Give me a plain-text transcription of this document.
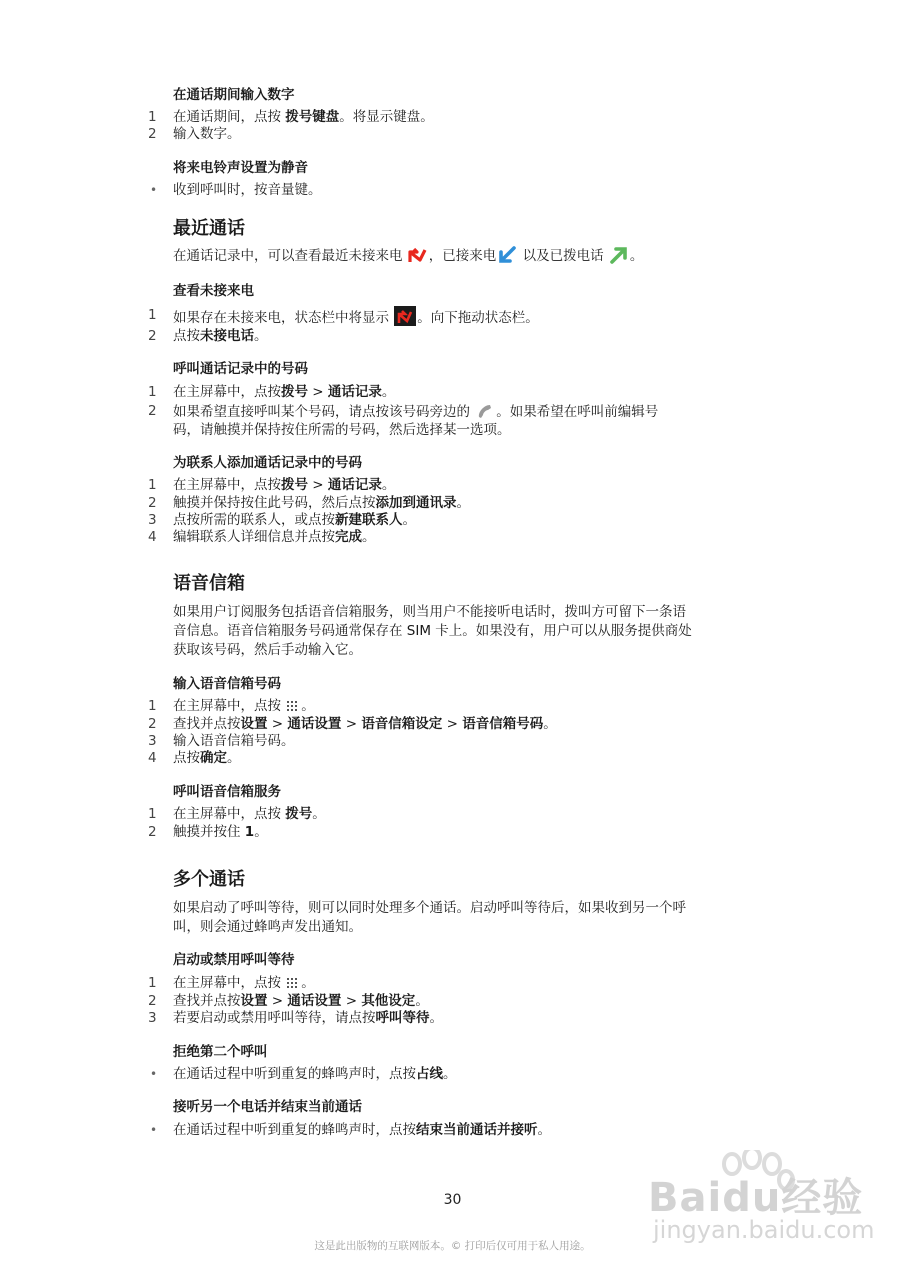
在通话期间输入数字
1 在通话期间，点按 拨号键盘。将显示键盘。
2 输入数字。
将来电铃声设置为静音
• 收到呼叫时，按音量键。
最近通话
在通话记录中，可以查看最近未接来电 ，已接来电 以及已拨电话 。
查看未接来电
1 如果存在未接来电，状态栏中将显示 。向下拖动状态栏。
2 点按未接电话。
呼叫通话记录中的号码
1 在主屏幕中，点按拨号 > 通话记录。
2 如果希望直接呼叫某个号码，请点按该号码旁边的 。如果希望在呼叫前编辑号
码，请触摸并保持按住所需的号码，然后选择某一选项。
为联系人添加通话记录中的号码
1 在主屏幕中，点按拨号 > 通话记录。
2 触摸并保持按住此号码，然后点按添加到通讯录。
3 点按所需的联系人，或点按新建联系人。
4 编辑联系人详细信息并点按完成。
语音信箱
如果用户订阅服务包括语音信箱服务，则当用户不能接听电话时，拨叫方可留下一条语
音信息。语音信箱服务号码通常保存在 SIM 卡上。如果没有，用户可以从服务提供商处
获取该号码，然后手动输入它。
输入语音信箱号码
1 在主屏幕中，点按 。
2 查找并点按设置 > 通话设置 > 语音信箱设定 > 语音信箱号码。
3 输入语音信箱号码。
4 点按确定。
呼叫语音信箱服务
1 在主屏幕中，点按 拨号。
2 触摸并按住 1。
多个通话
如果启动了呼叫等待，则可以同时处理多个通话。启动呼叫等待后，如果收到另一个呼
叫，则会通过蜂鸣声发出通知。
启动或禁用呼叫等待
1 在主屏幕中，点按 。
2 查找并点按设置 > 通话设置 > 其他设定。
3 若要启动或禁用呼叫等待，请点按呼叫等待。
拒绝第二个呼叫
• 在通话过程中听到重复的蜂鸣声时，点按占线。
接听另一个电话并结束当前通话
• 在通话过程中听到重复的蜂鸣声时，点按结束当前通话并接听。
Baidu经验
jingyan.baidu.com
30
这是此出版物的互联网版本。© 打印后仅可用于私人用途。
